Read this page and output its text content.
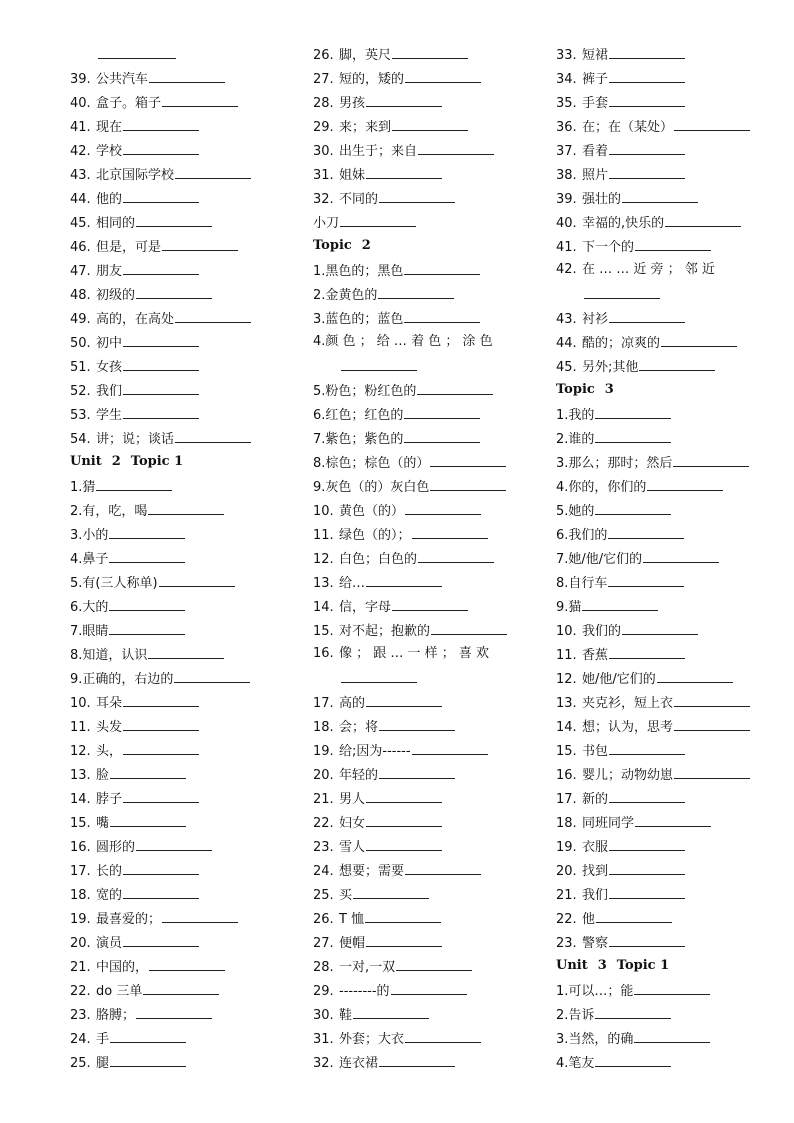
39. 公共汽车
40. 盒子。箱子
41. 现在
42. 学校
43. 北京国际学校
44. 他的
45. 相同的
46. 但是，可是
47. 朋友
48. 初级的
49. 高的，在高处
50. 初中
51. 女孩
52. 我们
53. 学生
54. 讲；说；谈话
Unit 2 Topic 1
1.猜
2.有，吃，喝
3.小的
4.鼻子
5.有(三人称单)
6.大的
7.眼睛
8.知道，认识
9.正确的，右边的
10. 耳朵
11. 头发
12. 头，
13. 脸
14. 脖子
15. 嘴
16. 圆形的
17. 长的
18. 宽的
19. 最喜爱的；
20. 演员
21. 中国的，
22. do 三单
23. 胳膊；
24. 手
25. 腿
26. 脚，英尺
27. 短的，矮的
28. 男孩
29. 来；来到
30. 出生于；来自
31. 姐妹
32. 不同的
小刀
Topic 2
1.黑色的；黑色
2.金黄色的
3.蓝色的；蓝色
4.颜 色 ； 给 … 着 色 ； 涂 色
5.粉色；粉红色的
6.红色；红色的
7.紫色；紫色的
8.棕色；棕色（的）
9.灰色（的）灰白色
10. 黄色（的）
11. 绿色（的）；
12. 白色；白色的
13. 给…
14. 信，字母
15. 对不起；抱歉的
16. 像 ； 跟 … 一 样 ； 喜 欢
17. 高的
18. 会；将
19. 给;因为------
20. 年轻的
21. 男人
22. 妇女
23. 雪人
24. 想要；需要
25. 买
26. T 恤
27. 便帽
28. 一对,一双
29. --------的
30. 鞋
31. 外套；大衣
32. 连衣裙
33. 短裙
34. 裤子
35. 手套
36. 在；在（某处）
37. 看着
38. 照片
39. 强壮的
40. 幸福的,快乐的
41. 下一个的
42. 在 … … 近 旁 ； 邻 近
43. 衬衫
44. 酷的；凉爽的
45. 另外;其他
Topic 3
1.我的
2.谁的
3.那么；那时；然后
4.你的，你们的
5.她的
6.我们的
7.她/他/它们的
8.自行车
9.猫
10. 我们的
11. 香蕉
12. 她/他/它们的
13. 夹克衫，短上衣
14. 想；认为，思考
15. 书包
16. 婴儿；动物幼崽
17. 新的
18. 同班同学
19. 衣服
20. 找到
21. 我们
22. 他
23. 警察
Unit 3 Topic 1
1.可以…；能
2.告诉
3.当然，的确
4.笔友
